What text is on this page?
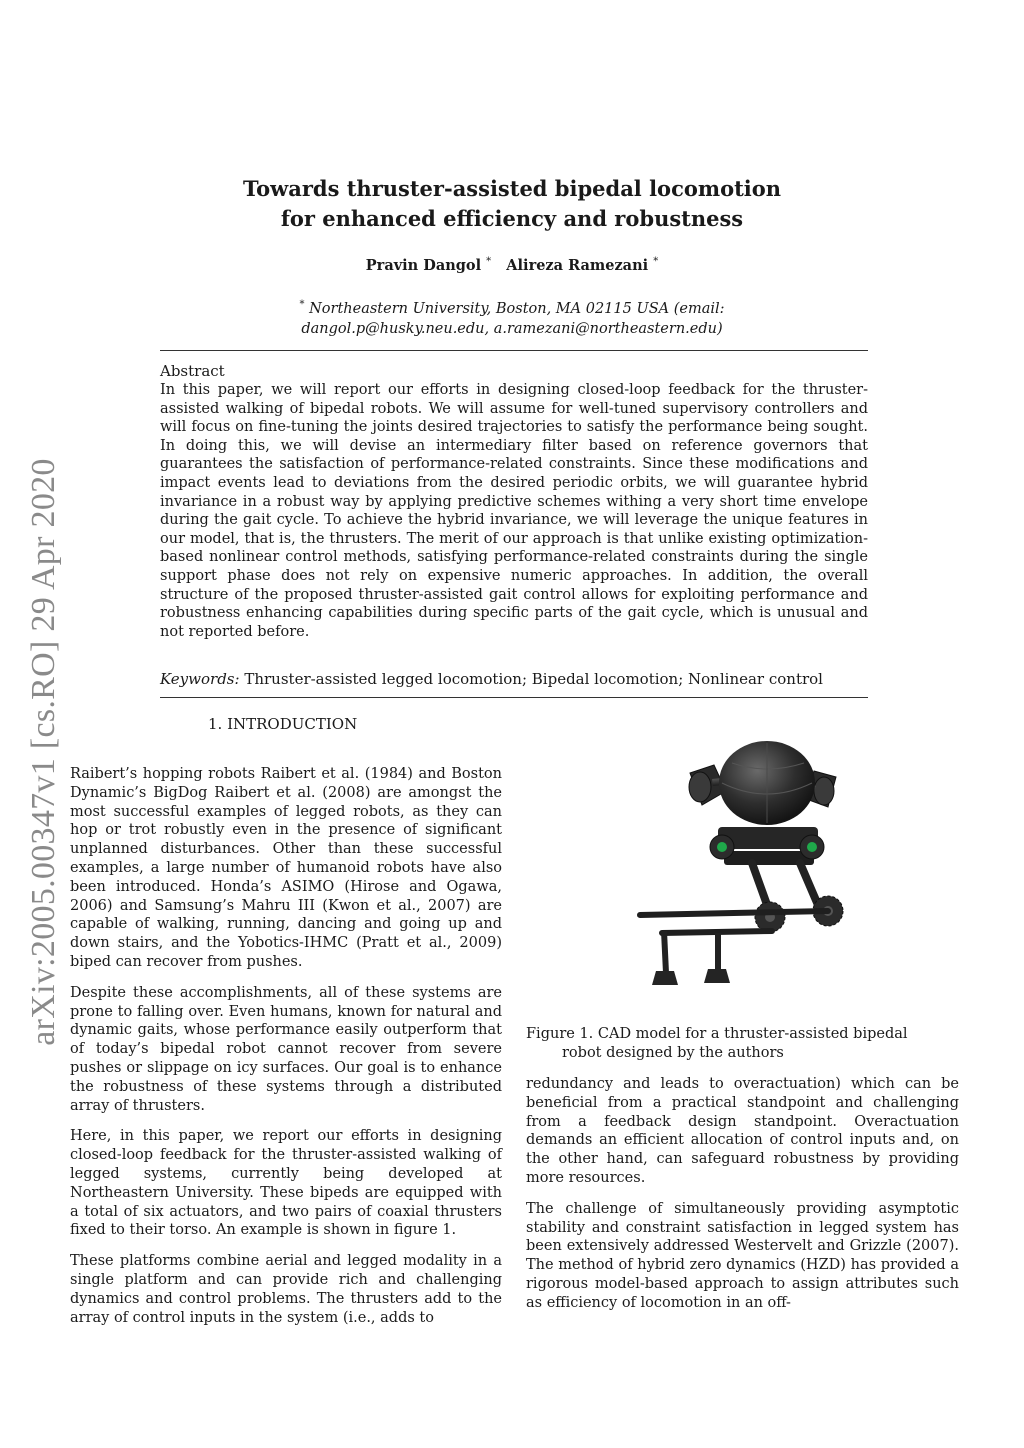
Towards thruster-assisted bipedal locomotion
for enhanced efficiency and robustness
Pravin Dangol * Alireza Ramezani *
* Northeastern University, Boston, MA 02115 USA (email:
dangol.p@husky.neu.edu, a.ramezani@northeastern.edu)
Abstract
In this paper, we will report our efforts in designing closed-loop feedback for the thruster-assisted walking of bipedal robots. We will assume for well-tuned supervisory controllers and will focus on fine-tuning the joints desired trajectories to satisfy the performance being sought. In doing this, we will devise an intermediary filter based on reference governors that guarantees the satisfaction of performance-related constraints. Since these modifications and impact events lead to deviations from the desired periodic orbits, we will guarantee hybrid invariance in a robust way by applying predictive schemes withing a very short time envelope during the gait cycle. To achieve the hybrid invariance, we will leverage the unique features in our model, that is, the thrusters. The merit of our approach is that unlike existing optimization-based nonlinear control methods, satisfying performance-related constraints during the single support phase does not rely on expensive numeric approaches. In addition, the overall structure of the proposed thruster-assisted gait control allows for exploiting performance and robustness enhancing capabilities during specific parts of the gait cycle, which is unusual and not reported before.
Keywords: Thruster-assisted legged locomotion; Bipedal locomotion; Nonlinear control
1. INTRODUCTION

Raibert’s hopping robots Raibert et al. (1984) and Boston Dynamic’s BigDog Raibert et al. (2008) are amongst the most successful examples of legged robots, as they can hop or trot robustly even in the presence of significant unplanned disturbances. Other than these successful examples, a large number of humanoid robots have also been introduced. Honda’s ASIMO (Hirose and Ogawa, 2006) and Samsung’s Mahru III (Kwon et al., 2007) are capable of walking, running, dancing and going up and down stairs, and the Yobotics-IHMC (Pratt et al., 2009) biped can recover from pushes.

Despite these accomplishments, all of these systems are prone to falling over. Even humans, known for natural and dynamic gaits, whose performance easily outperform that of today’s bipedal robot cannot recover from severe pushes or slippage on icy surfaces. Our goal is to enhance the robustness of these systems through a distributed array of thrusters.

Here, in this paper, we report our efforts in designing closed-loop feedback for the thruster-assisted walking of legged systems, currently being developed at Northeastern University. These bipeds are equipped with a total of six actuators, and two pairs of coaxial thrusters fixed to their torso. An example is shown in figure 1.

These platforms combine aerial and legged modality in a single platform and can provide rich and challenging dynamics and control problems. The thrusters add to the array of control inputs in the system (i.e., adds to

Figure 1. CAD model for a thruster-assisted bipedal
robot designed by the authors

redundancy and leads to overactuation) which can be beneficial from a practical standpoint and challenging from a feedback design standpoint. Overactuation demands an efficient allocation of control inputs and, on the other hand, can safeguard robustness by providing more resources.

The challenge of simultaneously providing asymptotic stability and constraint satisfaction in legged system has been extensively addressed Westervelt and Grizzle (2007). The method of hybrid zero dynamics (HZD) has provided a rigorous model-based approach to assign attributes such as efficiency of locomotion in an off-

arXiv:2005.00347v1 [cs.RO] 29 Apr 2020
